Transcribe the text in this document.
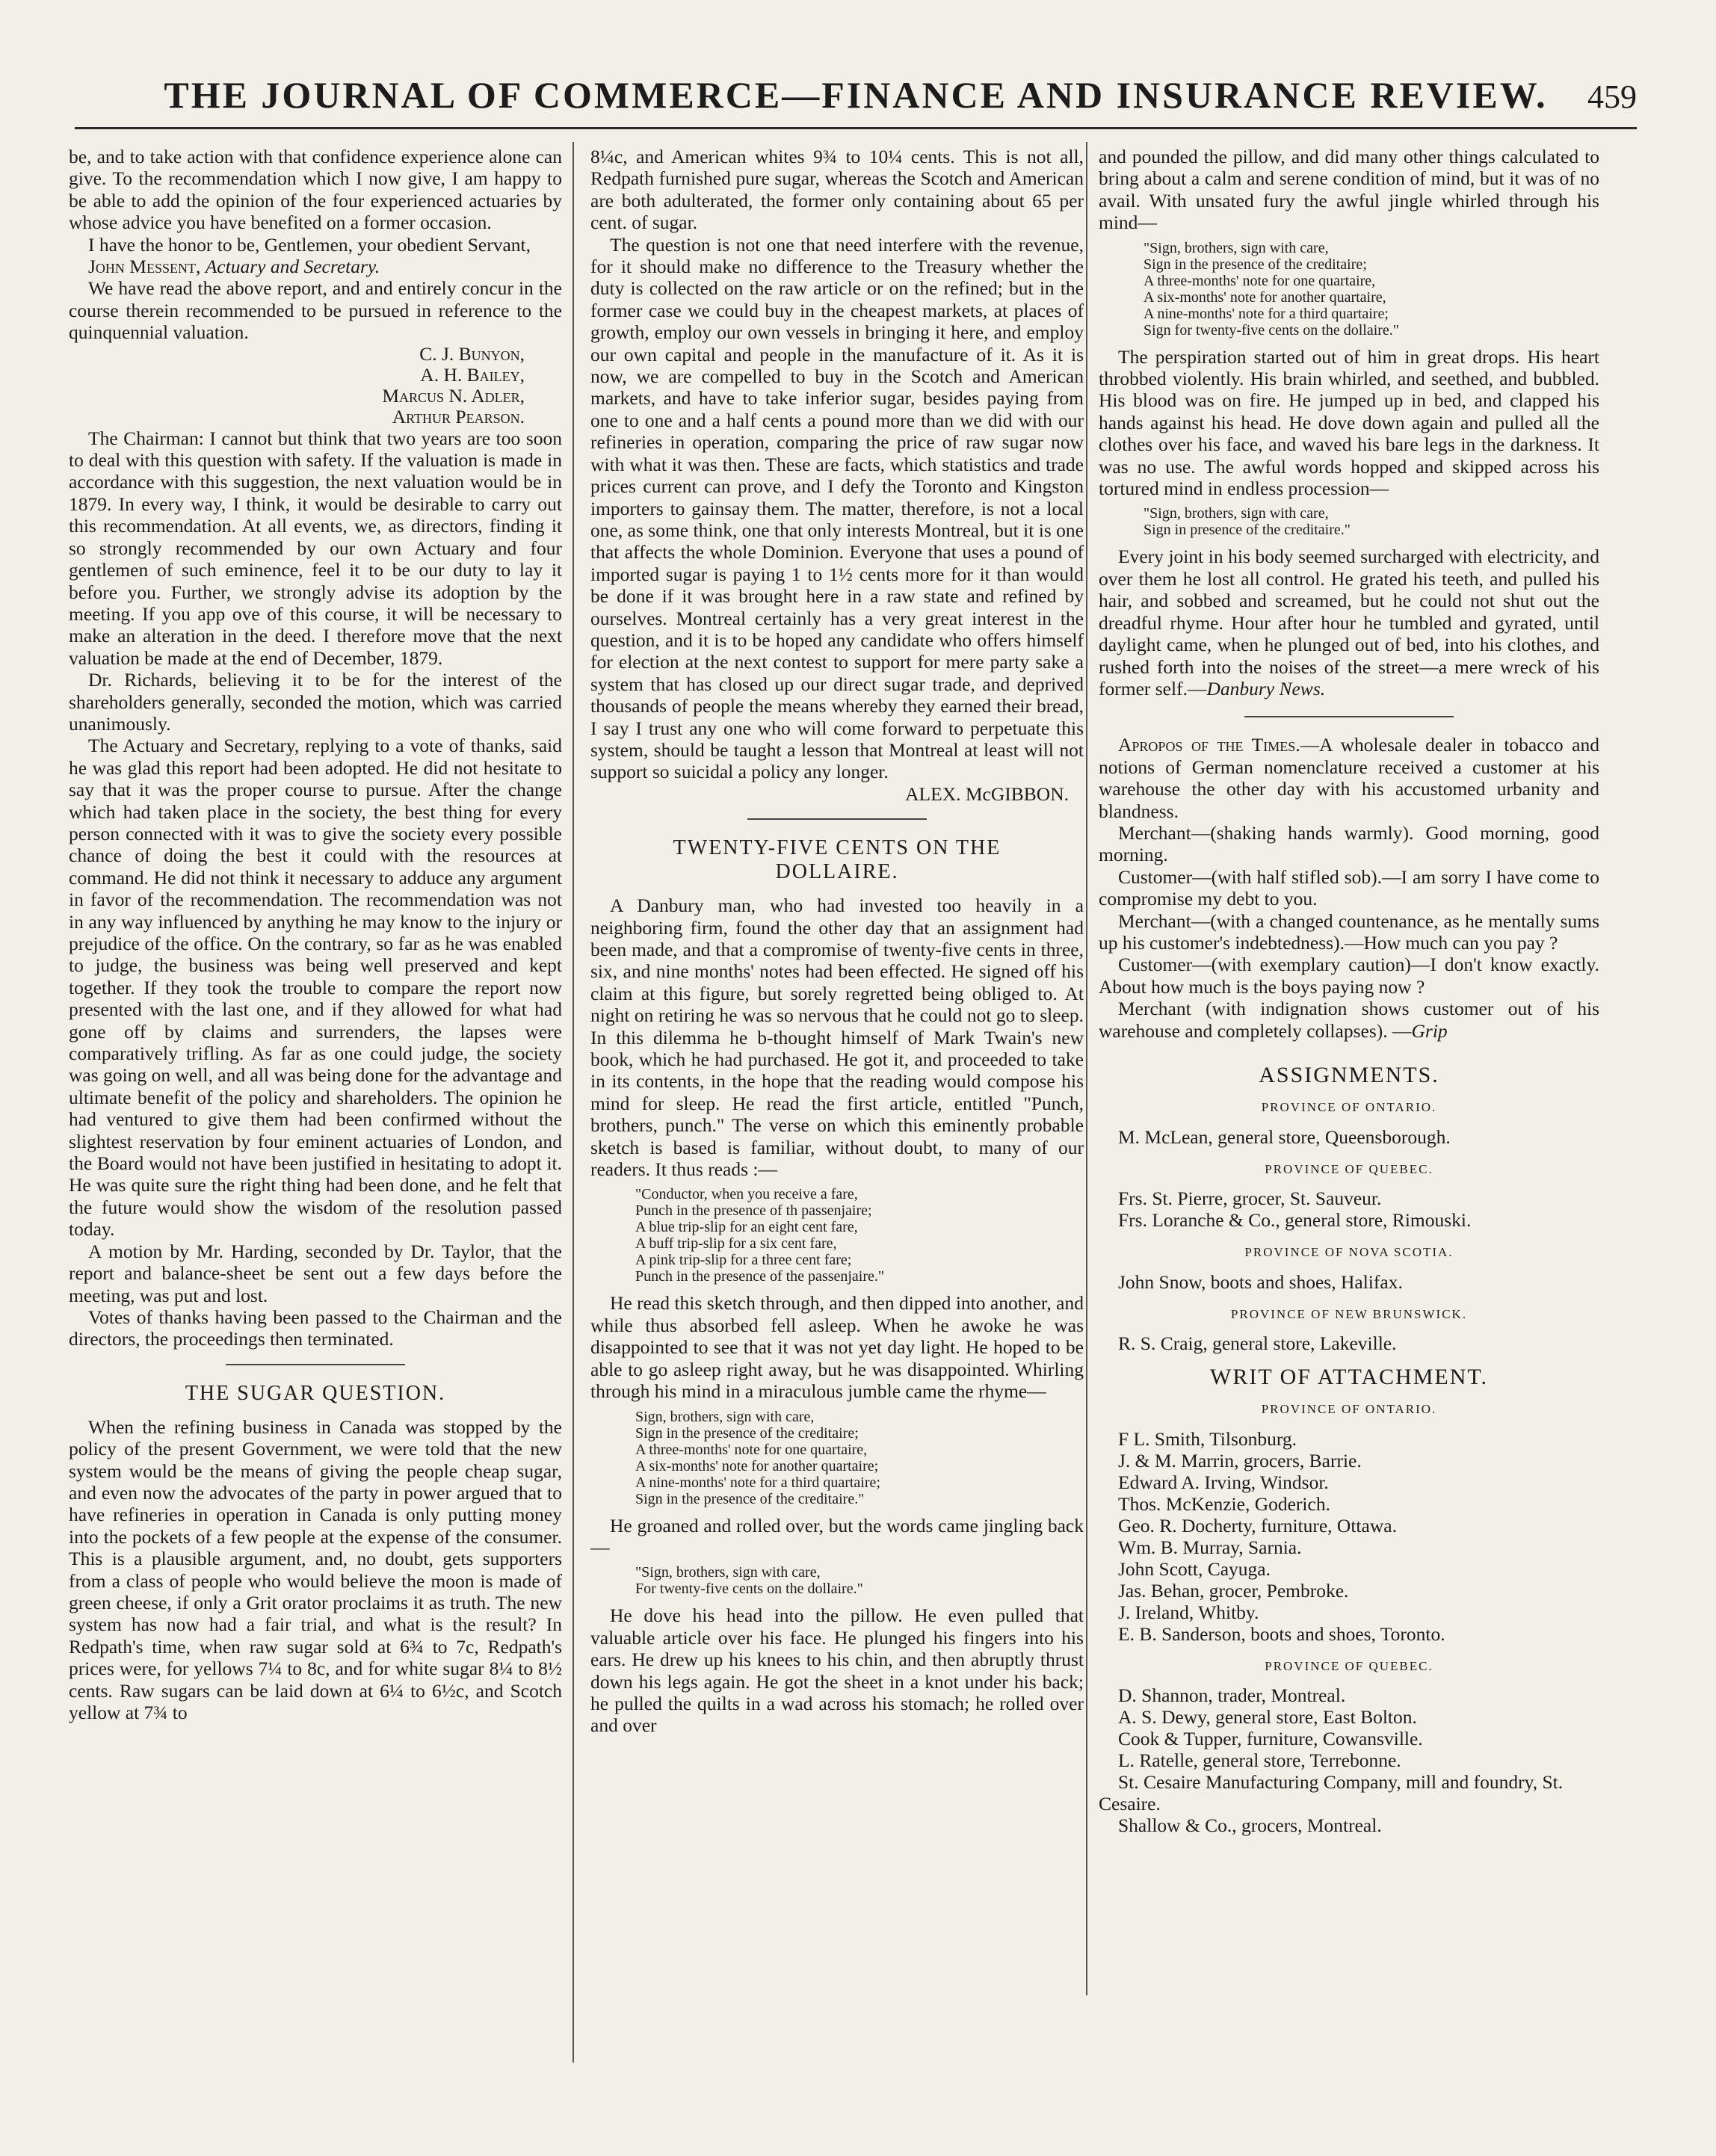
THE JOURNAL OF COMMERCE—FINANCE AND INSURANCE REVIEW.	459

be, and to take action with that confidence experience alone can give. To the recommendation which I now give, I am happy to be able to add the opinion of the four experienced actuaries by whose advice you have benefited on a former occasion.

I have the honor to be, Gentlemen, your obedient Servant,

John Messent, Actuary and Secretary.

We have read the above report, and and entirely concur in the course therein recommended to be pursued in reference to the quinquennial valuation.

C. J. Bunyon,
A. H. Bailey,
Marcus N. Adler,
Arthur Pearson.

The Chairman: I cannot but think that two years are too soon to deal with this question with safety. If the valuation is made in accordance with this suggestion, the next valuation would be in 1879. In every way, I think, it would be desirable to carry out this recommendation. At all events, we, as directors, finding it so strongly recommended by our own Actuary and four gentlemen of such eminence, feel it to be our duty to lay it before you. Further, we strongly advise its adoption by the meeting. If you app ove of this course, it will be necessary to make an alteration in the deed. I therefore move that the next valuation be made at the end of December, 1879.

Dr. Richards, believing it to be for the interest of the shareholders generally, seconded the motion, which was carried unanimously.

The Actuary and Secretary, replying to a vote of thanks, said he was glad this report had been adopted. He did not hesitate to say that it was the proper course to pursue. After the change which had taken place in the society, the best thing for every person connected with it was to give the society every possible chance of doing the best it could with the resources at command. He did not think it necessary to adduce any argument in favor of the recommendation. The recommendation was not in any way influenced by anything he may know to the injury or prejudice of the office. On the contrary, so far as he was enabled to judge, the business was being well preserved and kept together. If they took the trouble to compare the report now presented with the last one, and if they allowed for what had gone off by claims and surrenders, the lapses were comparatively trifling. As far as one could judge, the society was going on well, and all was being done for the advantage and ultimate benefit of the policy and shareholders. The opinion he had ventured to give them had been confirmed without the slightest reservation by four eminent actuaries of London, and the Board would not have been justified in hesitating to adopt it. He was quite sure the right thing had been done, and he felt that the future would show the wisdom of the resolution passed today.

A motion by Mr. Harding, seconded by Dr. Taylor, that the report and balance-sheet be sent out a few days before the meeting, was put and lost.

Votes of thanks having been passed to the Chairman and the directors, the proceedings then terminated.

THE SUGAR QUESTION.

When the refining business in Canada was stopped by the policy of the present Government, we were told that the new system would be the means of giving the people cheap sugar, and even now the advocates of the party in power argued that to have refineries in operation in Canada is only putting money into the pockets of a few people at the expense of the consumer. This is a plausible argument, and, no doubt, gets supporters from a class of people who would believe the moon is made of green cheese, if only a Grit orator proclaims it as truth. The new system has now had a fair trial, and what is the result? In Redpath's time, when raw sugar sold at 6¾ to 7c, Redpath's prices were, for yellows 7¼ to 8c, and for white sugar 8¼ to 8½ cents. Raw sugars can be laid down at 6¼ to 6½c, and Scotch yellow at 7¾ to

8¼c, and American whites 9¾ to 10¼ cents. This is not all, Redpath furnished pure sugar, whereas the Scotch and American are both adulterated, the former only containing about 65 per cent. of sugar.

The question is not one that need interfere with the revenue, for it should make no difference to the Treasury whether the duty is collected on the raw article or on the refined; but in the former case we could buy in the cheapest markets, at places of growth, employ our own vessels in bringing it here, and employ our own capital and people in the manufacture of it. As it is now, we are compelled to buy in the Scotch and American markets, and have to take inferior sugar, besides paying from one to one and a half cents a pound more than we did with our refineries in operation, comparing the price of raw sugar now with what it was then. These are facts, which statistics and trade prices current can prove, and I defy the Toronto and Kingston importers to gainsay them. The matter, therefore, is not a local one, as some think, one that only interests Montreal, but it is one that affects the whole Dominion. Everyone that uses a pound of imported sugar is paying 1 to 1½ cents more for it than would be done if it was brought here in a raw state and refined by ourselves. Montreal certainly has a very great interest in the question, and it is to be hoped any candidate who offers himself for election at the next contest to support for mere party sake a system that has closed up our direct sugar trade, and deprived thousands of people the means whereby they earned their bread, I say I trust any one who will come forward to perpetuate this system, should be taught a lesson that Montreal at least will not support so suicidal a policy any longer.

ALEX. McGIBBON.

TWENTY-FIVE CENTS ON THE
DOLLAIRE.

A Danbury man, who had invested too heavily in a neighboring firm, found the other day that an assignment had been made, and that a compromise of twenty-five cents in three, six, and nine months' notes had been effected. He signed off his claim at this figure, but sorely regretted being obliged to. At night on retiring he was so nervous that he could not go to sleep. In this dilemma he b-thought himself of Mark Twain's new book, which he had purchased. He got it, and proceeded to take in its contents, in the hope that the reading would compose his mind for sleep. He read the first article, entitled "Punch, brothers, punch." The verse on which this eminently probable sketch is based is familiar, without doubt, to many of our readers. It thus reads :—

"Conductor, when you receive a fare,
Punch in the presence of th passenjaire;
A blue trip-slip for an eight cent fare,
A buff trip-slip for a six cent fare,
A pink trip-slip for a three cent fare;
Punch in the presence of the passenjaire."

He read this sketch through, and then dipped into another, and while thus absorbed fell asleep. When he awoke he was disappointed to see that it was not yet day light. He hoped to be able to go asleep right away, but he was disappointed. Whirling through his mind in a miraculous jumble came the rhyme—

Sign, brothers, sign with care,
Sign in the presence of the creditaire;
A three-months' note for one quartaire,
A six-months' note for another quartaire;
A nine-months' note for a third quartaire;
Sign in the presence of the creditaire."

He groaned and rolled over, but the words came jingling back—

"Sign, brothers, sign with care,
For twenty-five cents on the dollaire."

He dove his head into the pillow. He even pulled that valuable article over his face. He plunged his fingers into his ears. He drew up his knees to his chin, and then abruptly thrust down his legs again. He got the sheet in a knot under his back; he pulled the quilts in a wad across his stomach; he rolled over and over

and pounded the pillow, and did many other things calculated to bring about a calm and serene condition of mind, but it was of no avail. With unsated fury the awful jingle whirled through his mind—

"Sign, brothers, sign with care,
Sign in the presence of the creditaire;
A three-months' note for one quartaire,
A six-months' note for another quartaire,
A nine-months' note for a third quartaire;
Sign for twenty-five cents on the dollaire."

The perspiration started out of him in great drops. His heart throbbed violently. His brain whirled, and seethed, and bubbled. His blood was on fire. He jumped up in bed, and clapped his hands against his head. He dove down again and pulled all the clothes over his face, and waved his bare legs in the darkness. It was no use. The awful words hopped and skipped across his tortured mind in endless procession—

"Sign, brothers, sign with care,
Sign in presence of the creditaire."

Every joint in his body seemed surcharged with electricity, and over them he lost all control. He grated his teeth, and pulled his hair, and sobbed and screamed, but he could not shut out the dreadful rhyme. Hour after hour he tumbled and gyrated, until daylight came, when he plunged out of bed, into his clothes, and rushed forth into the noises of the street—a mere wreck of his former self.—Danbury News.

Apropos of the Times.—A wholesale dealer in tobacco and notions of German nomenclature received a customer at his warehouse the other day with his accustomed urbanity and blandness.

Merchant—(shaking hands warmly). Good morning, good morning.

Customer—(with half stifled sob).—I am sorry I have come to compromise my debt to you.

Merchant—(with a changed countenance, as he mentally sums up his customer's indebtedness).—How much can you pay ?

Customer—(with exemplary caution)—I don't know exactly. About how much is the boys paying now ?

Merchant (with indignation shows customer out of his warehouse and completely collapses). —Grip

ASSIGNMENTS.
PROVINCE OF ONTARIO.

M. McLean, general store, Queensborough.

PROVINCE OF QUEBEC.

Frs. St. Pierre, grocer, St. Sauveur.

Frs. Loranche & Co., general store, Rimouski.

PROVINCE OF NOVA SCOTIA.

John Snow, boots and shoes, Halifax.

PROVINCE OF NEW BRUNSWICK.

R. S. Craig, general store, Lakeville.

WRIT OF ATTACHMENT.
PROVINCE OF ONTARIO.

F L. Smith, Tilsonburg.

J. & M. Marrin, grocers, Barrie.

Edward A. Irving, Windsor.

Thos. McKenzie, Goderich.

Geo. R. Docherty, furniture, Ottawa.

Wm. B. Murray, Sarnia.

John Scott, Cayuga.

Jas. Behan, grocer, Pembroke.

J. Ireland, Whitby.

E. B. Sanderson, boots and shoes, Toronto.

PROVINCE OF QUEBEC.

D. Shannon, trader, Montreal.

A. S. Dewy, general store, East Bolton.

Cook & Tupper, furniture, Cowansville.

L. Ratelle, general store, Terrebonne.

St. Cesaire Manufacturing Company, mill and foundry, St. Cesaire.

Shallow & Co., grocers, Montreal.
